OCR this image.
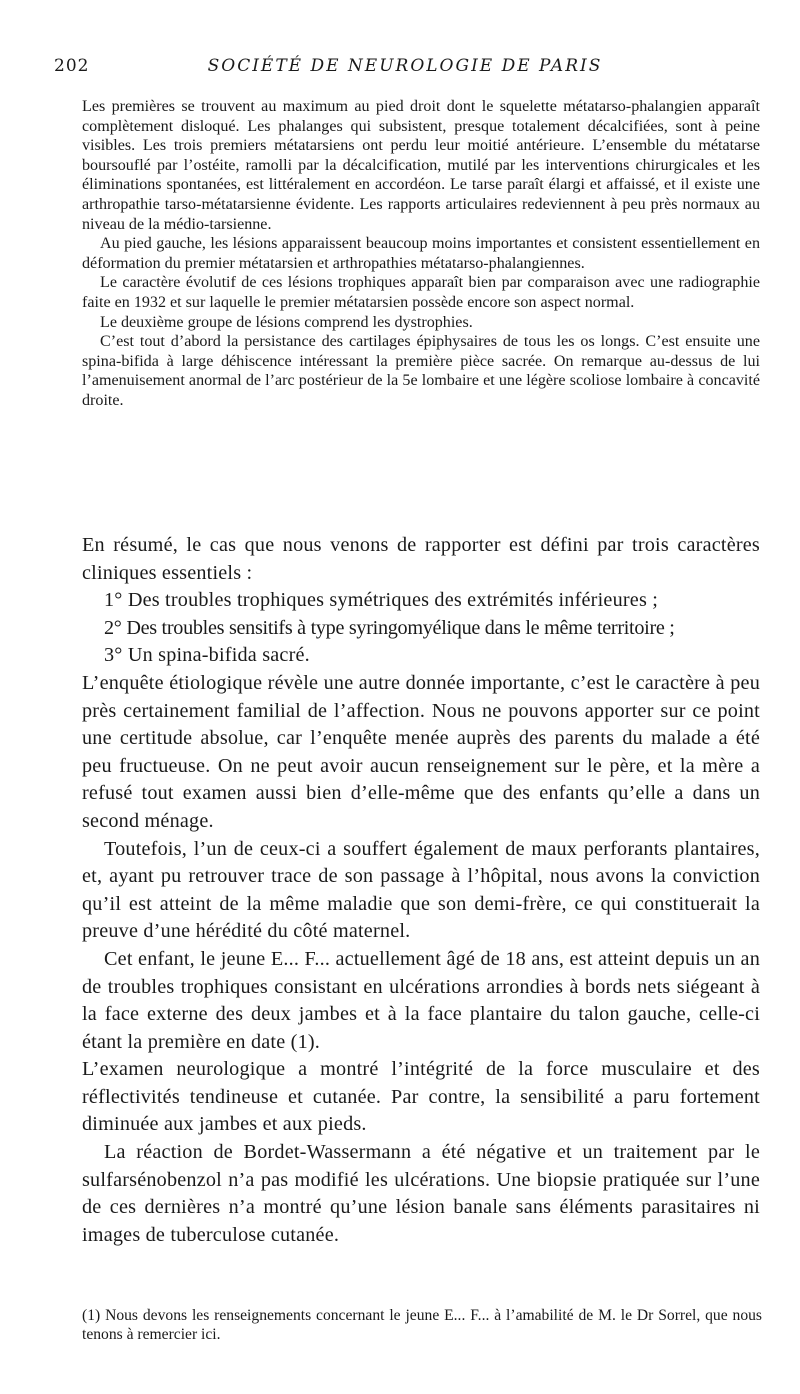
202	SOCIÉTÉ DE NEUROLOGIE DE PARIS

Les premières se trouvent au maximum au pied droit dont le squelette métatarso-phalangien apparaît complètement disloqué. Les phalanges qui subsistent, presque totalement décalcifiées, sont à peine visibles. Les trois premiers métatarsiens ont perdu leur moitié antérieure. L’ensemble du métatarse boursouflé par l’ostéite, ramolli par la décalcification, mutilé par les interventions chirurgicales et les éliminations spontanées, est littéralement en accordéon. Le tarse paraît élargi et affaissé, et il existe une arthropathie tarso-métatarsienne évidente. Les rapports articulaires redeviennent à peu près normaux au niveau de la médio-tarsienne.

Au pied gauche, les lésions apparaissent beaucoup moins importantes et consistent essentiellement en déformation du premier métatarsien et arthropathies métatarso-phalangiennes.

Le caractère évolutif de ces lésions trophiques apparaît bien par comparaison avec une radiographie faite en 1932 et sur laquelle le premier métatarsien possède encore son aspect normal.

Le deuxième groupe de lésions comprend les dystrophies.

C’est tout d’abord la persistance des cartilages épiphysaires de tous les os longs. C’est ensuite une spina-bifida à large déhiscence intéressant la première pièce sacrée. On remarque au-dessus de lui l’amenuisement anormal de l’arc postérieur de la 5e lombaire et une légère scoliose lombaire à concavité droite.

En résumé, le cas que nous venons de rapporter est défini par trois caractères cliniques essentiels :

1° Des troubles trophiques symétriques des extrémités inférieures ;

2° Des troubles sensitifs à type syringomyélique dans le même territoire ;

3° Un spina-bifida sacré.

L’enquête étiologique révèle une autre donnée importante, c’est le caractère à peu près certainement familial de l’affection. Nous ne pouvons apporter sur ce point une certitude absolue, car l’enquête menée auprès des parents du malade a été peu fructueuse. On ne peut avoir aucun renseignement sur le père, et la mère a refusé tout examen aussi bien d’elle-même que des enfants qu’elle a dans un second ménage.

Toutefois, l’un de ceux-ci a souffert également de maux perforants plantaires, et, ayant pu retrouver trace de son passage à l’hôpital, nous avons la conviction qu’il est atteint de la même maladie que son demi-frère, ce qui constituerait la preuve d’une hérédité du côté maternel.

Cet enfant, le jeune E... F... actuellement âgé de 18 ans, est atteint depuis un an de troubles trophiques consistant en ulcérations arrondies à bords nets siégeant à la face externe des deux jambes et à la face plantaire du talon gauche, celle-ci étant la première en date (1).

L’examen neurologique a montré l’intégrité de la force musculaire et des réflectivités tendineuse et cutanée. Par contre, la sensibilité a paru fortement diminuée aux jambes et aux pieds.

La réaction de Bordet-Wassermann a été négative et un traitement par le sulfarsénobenzol n’a pas modifié les ulcérations. Une biopsie pratiquée sur l’une de ces dernières n’a montré qu’une lésion banale sans éléments parasitaires ni images de tuberculose cutanée.

(1) Nous devons les renseignements concernant le jeune E... F... à l’amabilité de M. le Dr Sorrel, que nous tenons à remercier ici.
